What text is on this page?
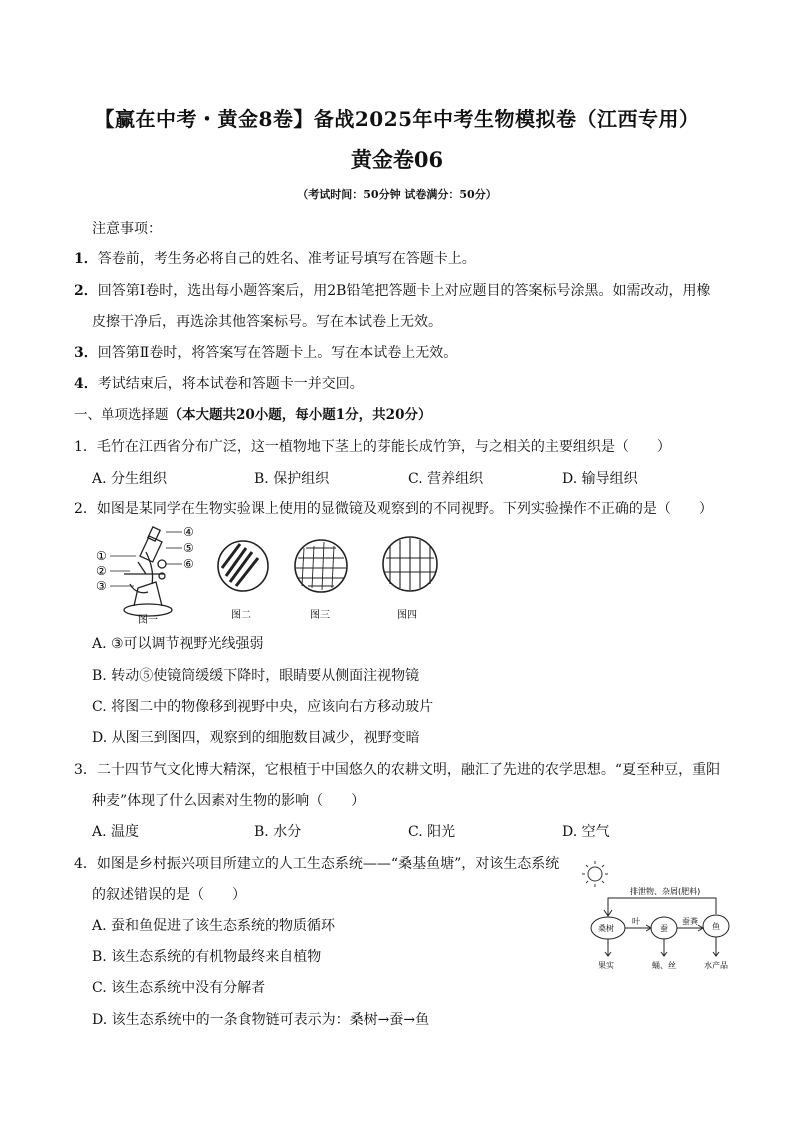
【赢在中考・黄金8卷】备战2025年中考生物模拟卷（江西专用）
黄金卷06
（考试时间：50分钟 试卷满分：50分）
注意事项：
1．答卷前，考生务必将自己的姓名、准考证号填写在答题卡上。
2．回答第Ⅰ卷时，选出每小题答案后，用2B铅笔把答题卡上对应题目的答案标号涂黑。如需改动，用橡
皮擦干净后，再选涂其他答案标号。写在本试卷上无效。
3．回答第Ⅱ卷时，将答案写在答题卡上。写在本试卷上无效。
4．考试结束后，将本试卷和答题卡一并交回。
一、单项选择题（本大题共20小题，每小题1分，共20分）
1．毛竹在江西省分布广泛，这一植物地下茎上的芽能长成竹笋，与之相关的主要组织是（　　）
A. 分生组织	B. 保护组织	C. 营养组织	D. 输导组织
2．如图是某同学在生物实验课上使用的显微镜及观察到的不同视野。下列实验操作不正确的是（　　）
①
②
③
④
⑤
⑥
图一	图二	图三	图四
A. ③可以调节视野光线强弱
B. 转动⑤使镜筒缓缓下降时，眼睛要从侧面注视物镜
C. 将图二中的物像移到视野中央，应该向右方移动玻片
D. 从图三到图四，观察到的细胞数目减少，视野变暗
3．二十四节气文化博大精深，它根植于中国悠久的农耕文明，融汇了先进的农学思想。“夏至种豆，重阳
种麦”体现了什么因素对生物的影响（　　）
A. 温度	B. 水分	C. 阳光	D. 空气
4．如图是乡村振兴项目所建立的人工生态系统——“桑基鱼塘”，对该生态系统
的叙述错误的是（　　）
A. 蚕和鱼促进了该生态系统的物质循环
B. 该生态系统的有机物最终来自植物
C. 该生态系统中没有分解者
D. 该生态系统中的一条食物链可表示为：桑树→蚕→鱼
排泄物、杂屑(肥料)
桑树	蚕	鱼
叶	蚕粪
果实	蛹、丝	水产品
